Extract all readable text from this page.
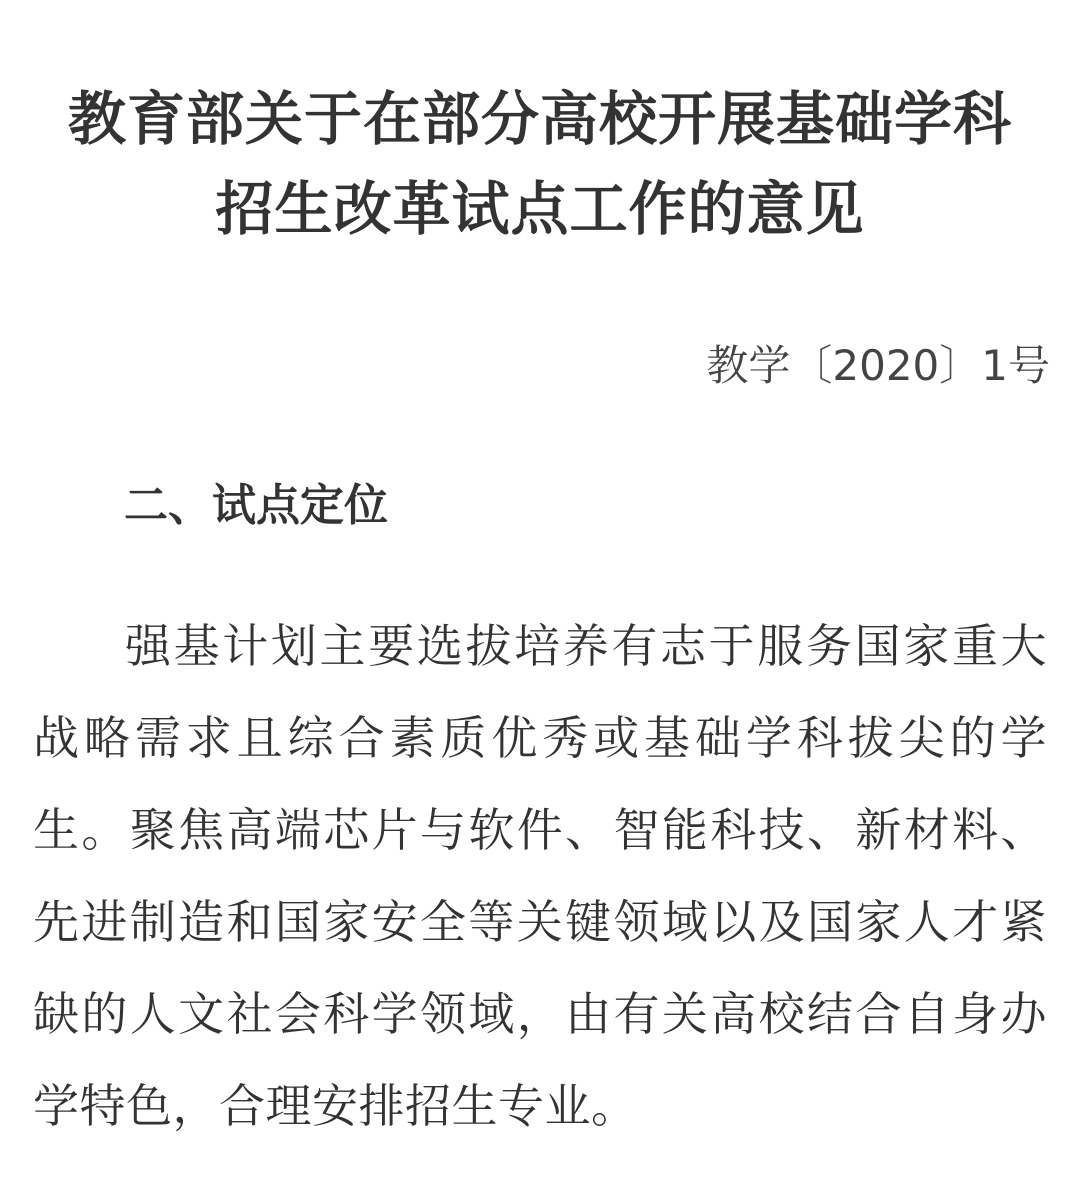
教育部关于在部分高校开展基础学科
招生改革试点工作的意见

教学〔2020〕1号

二、试点定位

强基计划主要选拔培养有志于服务国家重大战略需求且综合素质优秀或基础学科拔尖的学生。聚焦高端芯片与软件、智能科技、新材料、先进制造和国家安全等关键领域以及国家人才紧缺的人文社会科学领域，由有关高校结合自身办学特色，合理安排招生专业。
